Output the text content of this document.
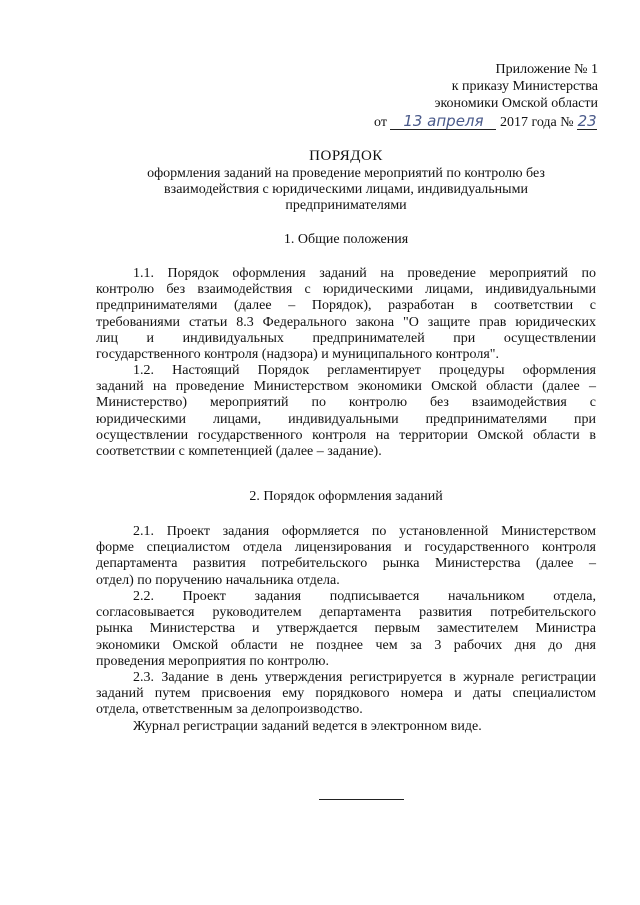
Приложение № 1
к приказу Министерства
экономики Омской области
от 13 апреля 2017 года № 23
ПОРЯДОК
оформления заданий на проведение мероприятий по контролю без
взаимодействия с юридическими лицами, индивидуальными
предпринимателями
1. Общие положения
1.1. Порядок оформления заданий на проведение мероприятий по
контролю без взаимодействия с юридическими лицами, индивидуальными
предпринимателями (далее – Порядок), разработан в соответствии с
требованиями статьи 8.3 Федерального закона "О защите прав юридических
лиц и индивидуальных предпринимателей при осуществлении
государственного контроля (надзора) и муниципального контроля".
1.2. Настоящий Порядок регламентирует процедуры оформления
заданий на проведение Министерством экономики Омской области (далее –
Министерство) мероприятий по контролю без взаимодействия с
юридическими лицами, индивидуальными предпринимателями при
осуществлении государственного контроля на территории Омской области в
соответствии с компетенцией (далее – задание).
2. Порядок оформления заданий
2.1. Проект задания оформляется по установленной Министерством
форме специалистом отдела лицензирования и государственного контроля
департамента развития потребительского рынка Министерства (далее –
отдел) по поручению начальника отдела.
2.2. Проект задания подписывается начальником отдела,
согласовывается руководителем департамента развития потребительского
рынка Министерства и утверждается первым заместителем Министра
экономики Омской области не позднее чем за 3 рабочих дня до дня
проведения мероприятия по контролю.
2.3. Задание в день утверждения регистрируется в журнале регистрации
заданий путем присвоения ему порядкового номера и даты специалистом
отдела, ответственным за делопроизводство.
Журнал регистрации заданий ведется в электронном виде.
